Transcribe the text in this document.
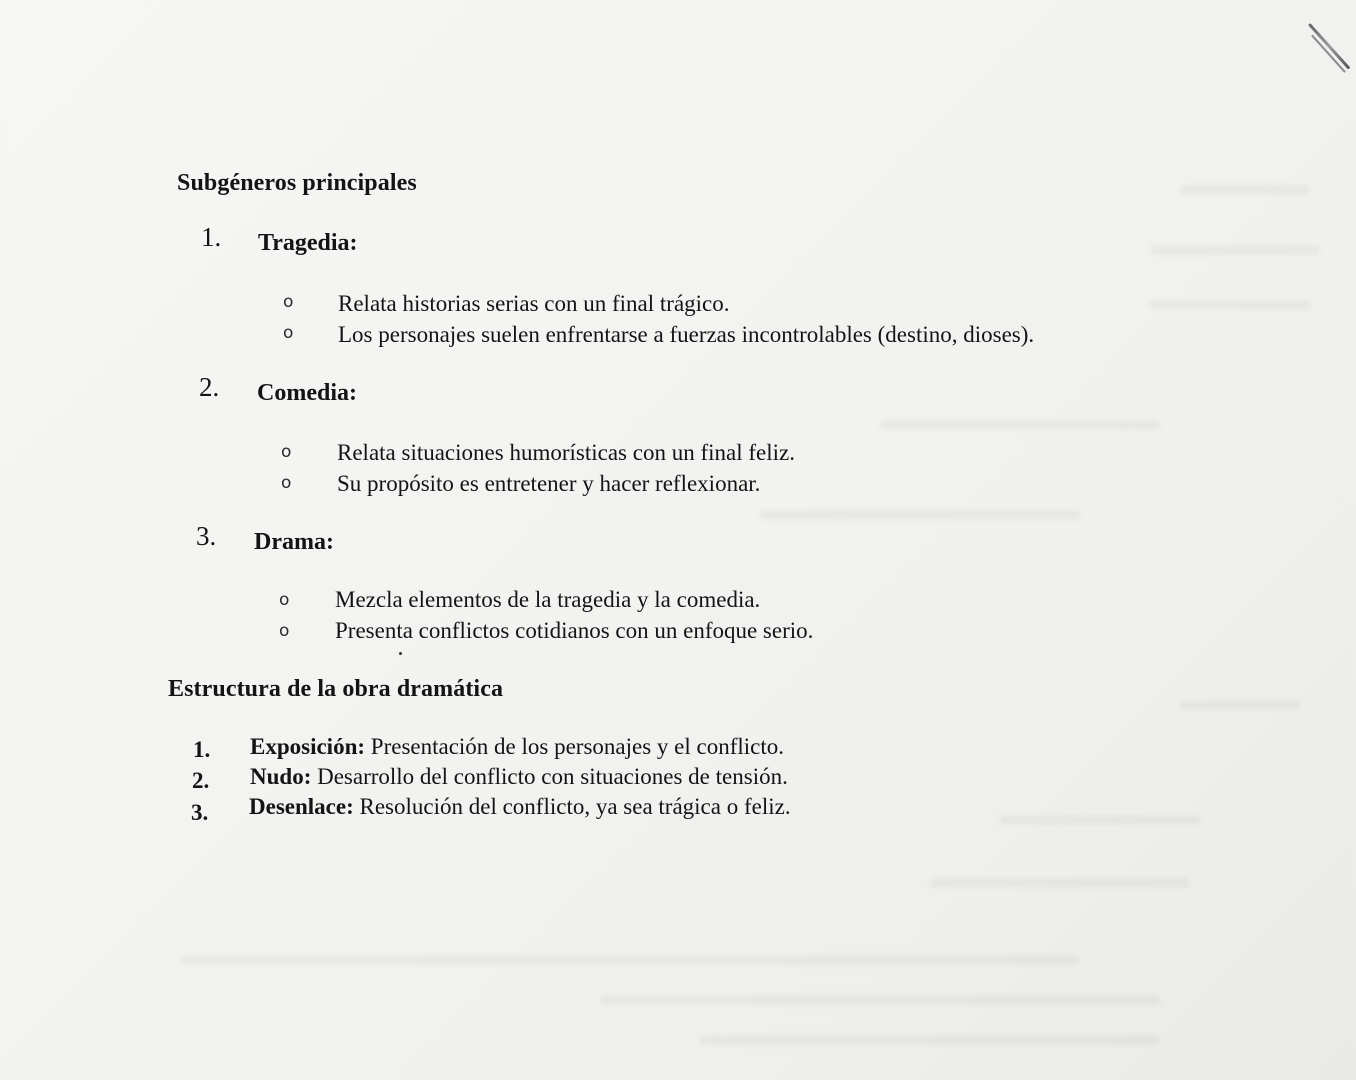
Subgéneros principales
1. Tragedia:
o Relata historias serias con un final trágico.
o Los personajes suelen enfrentarse a fuerzas incontrolables (destino, dioses).
2. Comedia:
o Relata situaciones humorísticas con un final feliz.
o Su propósito es entretener y hacer reflexionar.
3. Drama:
o Mezcla elementos de la tragedia y la comedia.
o Presenta conflictos cotidianos con un enfoque serio.
Estructura de la obra dramática
1. Exposición: Presentación de los personajes y el conflicto.
2. Nudo: Desarrollo del conflicto con situaciones de tensión.
3. Desenlace: Resolución del conflicto, ya sea trágica o feliz.
